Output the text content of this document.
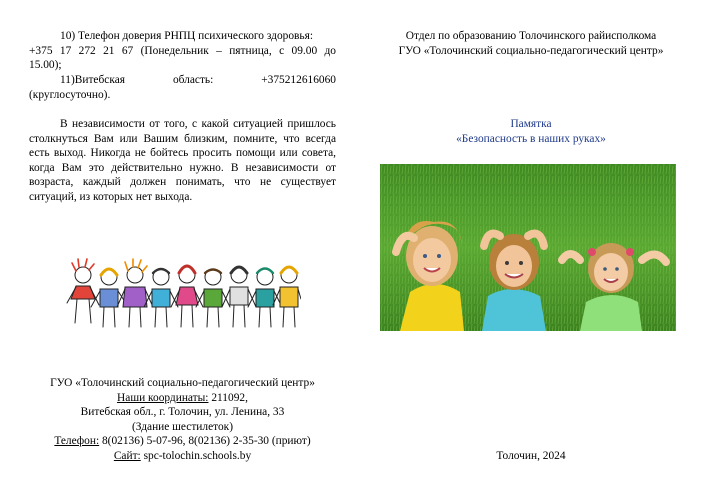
10) Телефон доверия РНПЦ психического здоровья:

+375 17 272 21 67 (Понедельник – пятница, с 09.00 до

15.00);

11)Витебская	область:	+375212616060
(круглосуточно).

В независимости от того, с какой ситуацией пришлось столкнуться Вам или Вашим близким, помните, что всегда есть выход. Никогда не бойтесь просить помощи или совета, когда Вам это действительно нужно. В независимости от возраста, каждый должен понимать, что не существует ситуаций, из которых нет выхода.

ГУО «Толочинский социально-педагогический центр»
Наши координаты: 211092,
Витебская обл., г. Толочин, ул. Ленина, 33
(Здание шестилеток)
Телефон: 8(02136) 5-07-96, 8(02136) 2-35-30 (приют)
Сайт: spc-tolochin.schools.by
Отдел по образованию Толочинского райисполкома
ГУО «Толочинский социально-педагогический центр»
Памятка
«Безопасность в наших руках»
Толочин, 2024
